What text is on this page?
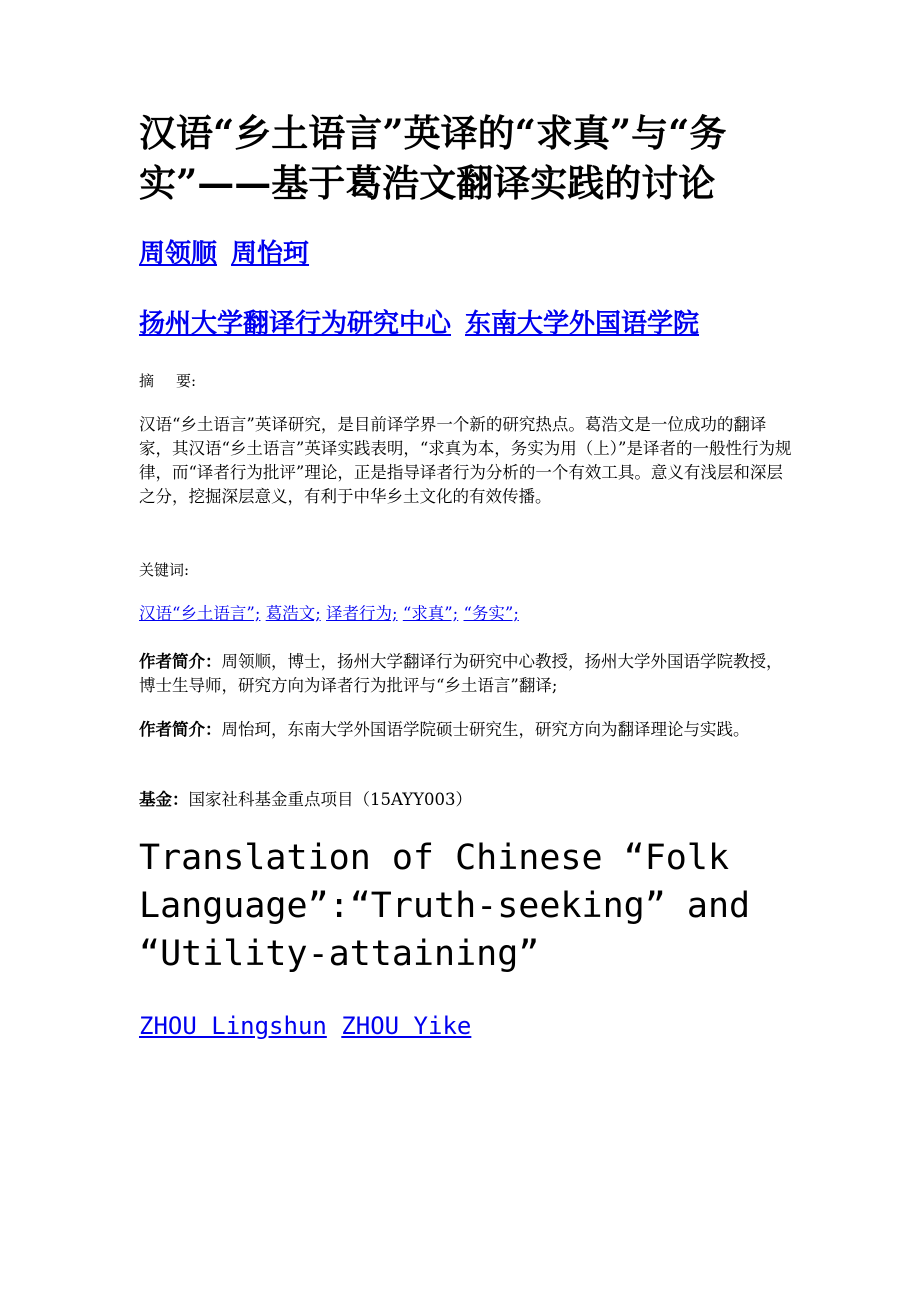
汉语“乡土语言”英译的“求真”与“务实”——基于葛浩文翻译实践的讨论
周领顺 周怡珂
扬州大学翻译行为研究中心 东南大学外国语学院
摘 要:
汉语“乡土语言”英译研究，是目前译学界一个新的研究热点。葛浩文是一位成功的翻译家，其汉语“乡土语言”英译实践表明，“求真为本，务实为用（上）”是译者的一般性行为规律，而“译者行为批评”理论，正是指导译者行为分析的一个有效工具。意义有浅层和深层之分，挖掘深层意义，有利于中华乡土文化的有效传播。
关键词:
汉语“乡土语言”; 葛浩文; 译者行为; “求真”; “务实”;
作者简介：周领顺，博士，扬州大学翻译行为研究中心教授，扬州大学外国语学院教授，博士生导师，研究方向为译者行为批评与“乡土语言”翻译;
作者简介：周怡珂，东南大学外国语学院硕士研究生，研究方向为翻译理论与实践。
基金：国家社科基金重点项目（15AYY003）
Translation of Chinese “Folk Language”:“Truth-seeking” and “Utility-attaining”
ZHOU Lingshun ZHOU Yike
